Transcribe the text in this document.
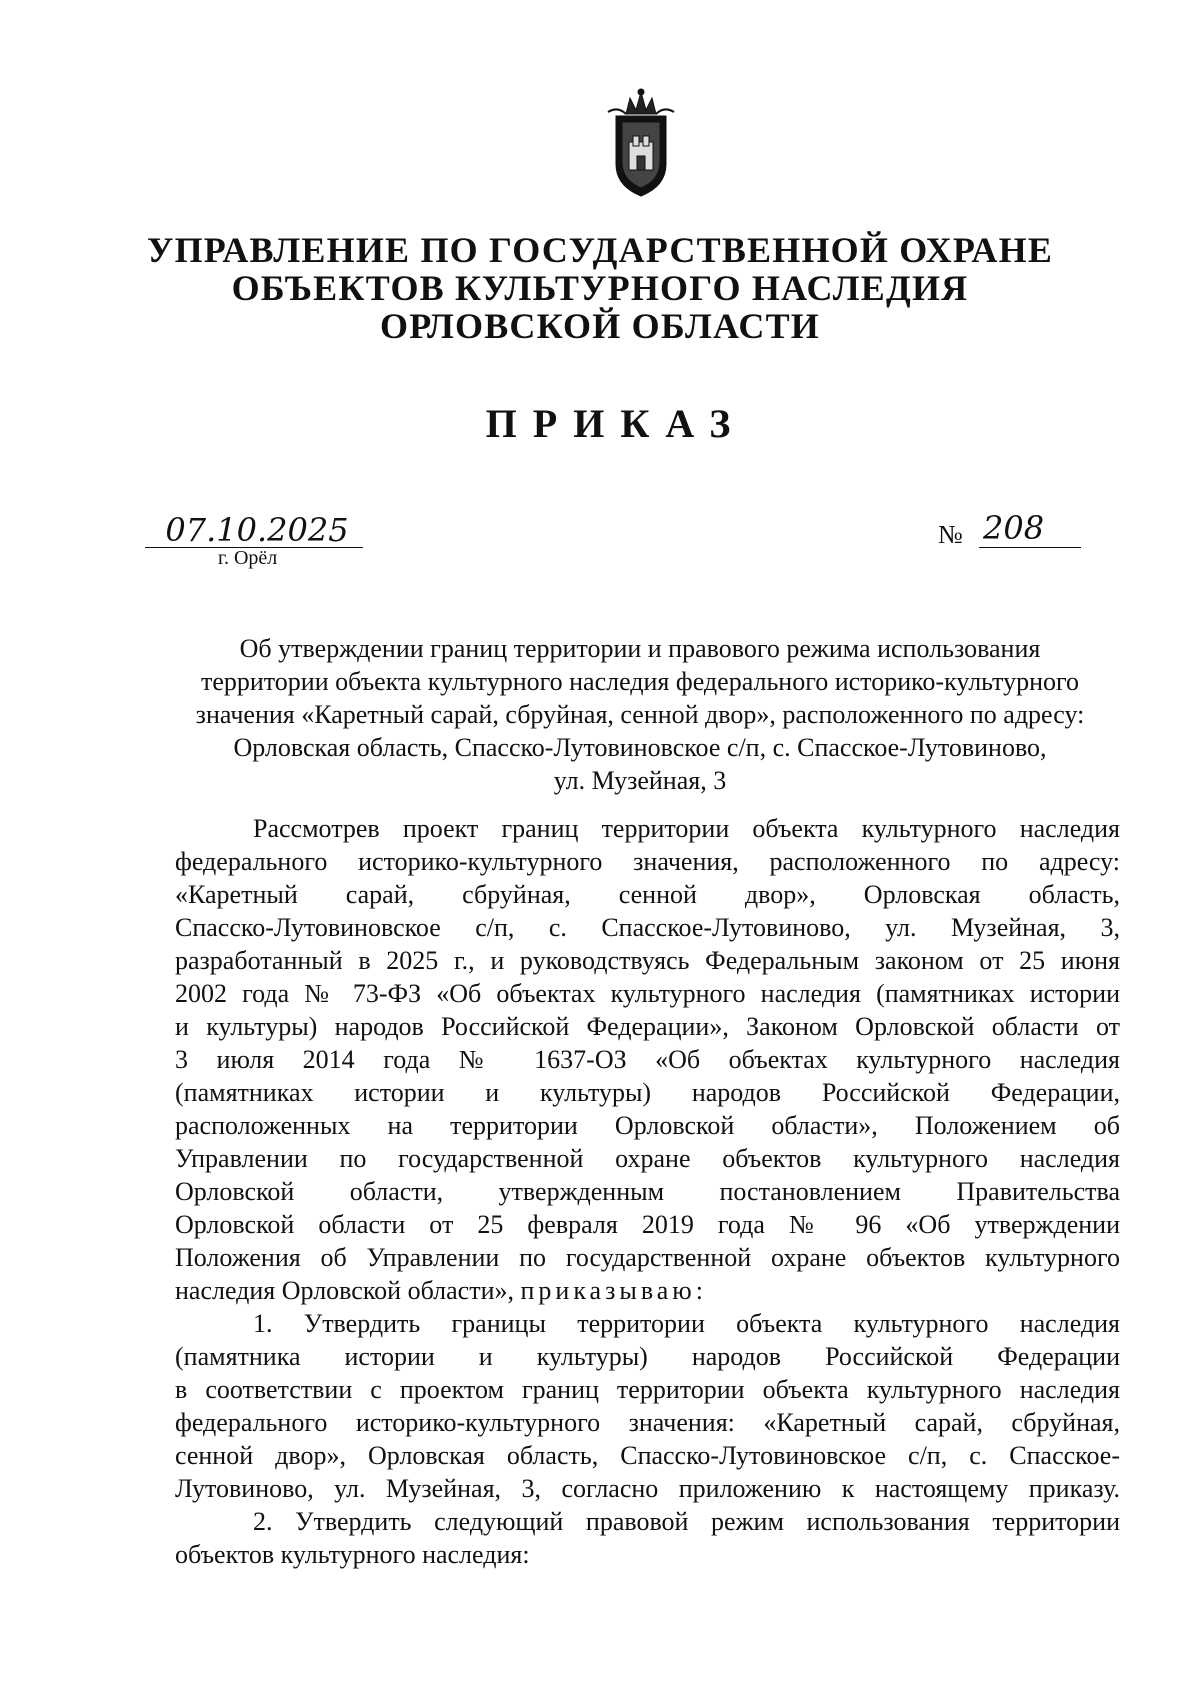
УПРАВЛЕНИЕ ПО ГОСУДАРСТВЕННОЙ ОХРАНЕ
ОБЪЕКТОВ КУЛЬТУРНОГО НАСЛЕДИЯ
ОРЛОВСКОЙ ОБЛАСТИ
ПРИКАЗ
07.10.2025
г. Орёл
№ 208
Об утверждении границ территории и правового режима использования
территории объекта культурного наследия федерального историко-культурного
значения «Каретный сарай, сбруйная, сенной двор», расположенного по адресу:
Орловская область, Спасско-Лутовиновское с/п, с. Спасское-Лутовиново,
ул. Музейная, 3
Рассмотрев проект границ территории объекта культурного наследия
федерального историко-культурного значения, расположенного по адресу:
«Каретный сарай, сбруйная, сенной двор», Орловская область,
Спасско-Лутовиновское с/п, с. Спасское-Лутовиново, ул. Музейная, 3,
разработанный в 2025 г., и руководствуясь Федеральным законом от 25 июня
2002 года № 73-ФЗ «Об объектах культурного наследия (памятниках истории
и культуры) народов Российской Федерации», Законом Орловской области от
3 июля 2014 года № 1637-ОЗ «Об объектах культурного наследия
(памятниках истории и культуры) народов Российской Федерации,
расположенных на территории Орловской области», Положением об
Управлении по государственной охране объектов культурного наследия
Орловской области, утвержденным постановлением Правительства
Орловской области от 25 февраля 2019 года № 96 «Об утверждении
Положения об Управлении по государственной охране объектов культурного
наследия Орловской области», приказываю:
1. Утвердить границы территории объекта культурного наследия
(памятника истории и культуры) народов Российской Федерации
в соответствии с проектом границ территории объекта культурного наследия
федерального историко-культурного значения: «Каретный сарай, сбруйная,
сенной двор», Орловская область, Спасско-Лутовиновское с/п, с. Спасское-
Лутовиново, ул. Музейная, 3, согласно приложению к настоящему приказу.
2. Утвердить следующий правовой режим использования территории
объектов культурного наследия:
